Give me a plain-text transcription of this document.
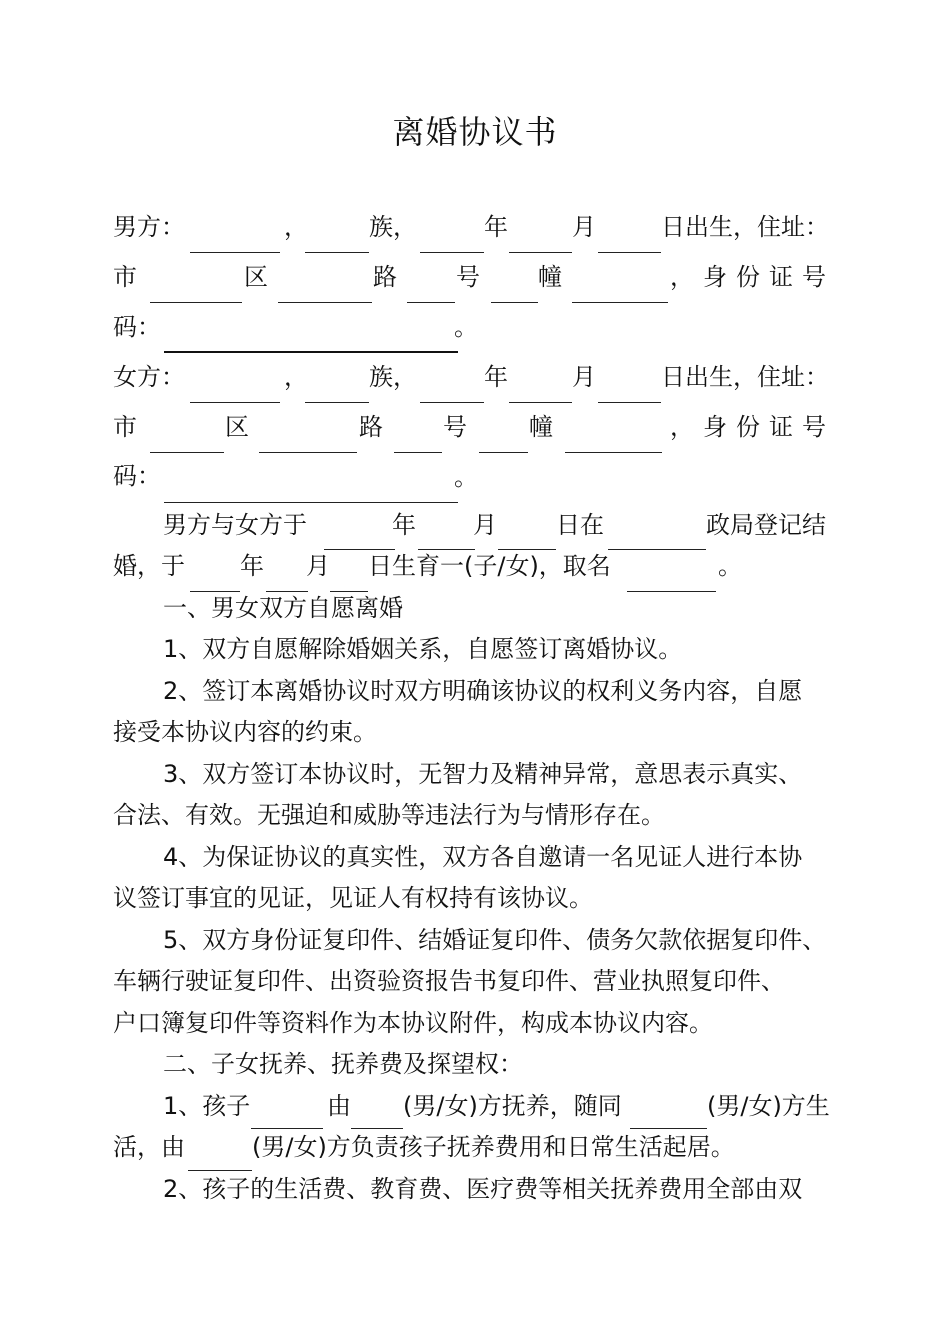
离婚协议书
男方：	，	族，	年	月	日出生，住址：
市	区	路 号 幢	，身份证号
码：	。
女方：	，	族，	年	月	日出生，住址：
市	区	路	号	幢	，身份证号
码：	。
男方与女方于	年 月 日在	政局登记结
婚，于 年 月 日生育一(子/女)，取名	。
一、男女双方自愿离婚
1、双方自愿解除婚姻关系，自愿签订离婚协议。
2、签订本离婚协议时双方明确该协议的权利义务内容，自愿
接受本协议内容的约束。
3、双方签订本协议时，无智力及精神异常，意思表示真实、
合法、有效。无强迫和威胁等违法行为与情形存在。
4、为保证协议的真实性，双方各自邀请一名见证人进行本协
议签订事宜的见证，见证人有权持有该协议。
5、双方身份证复印件、结婚证复印件、债务欠款依据复印件、
车辆行驶证复印件、出资验资报告书复印件、营业执照复印件、
户口簿复印件等资料作为本协议附件，构成本协议内容。
二、子女抚养、抚养费及探望权：
1、孩子	由 (男/女)方抚养，随同	(男/女)方生
活，由	(男/女)方负责孩子抚养费用和日常生活起居。
2、孩子的生活费、教育费、医疗费等相关抚养费用全部由双
